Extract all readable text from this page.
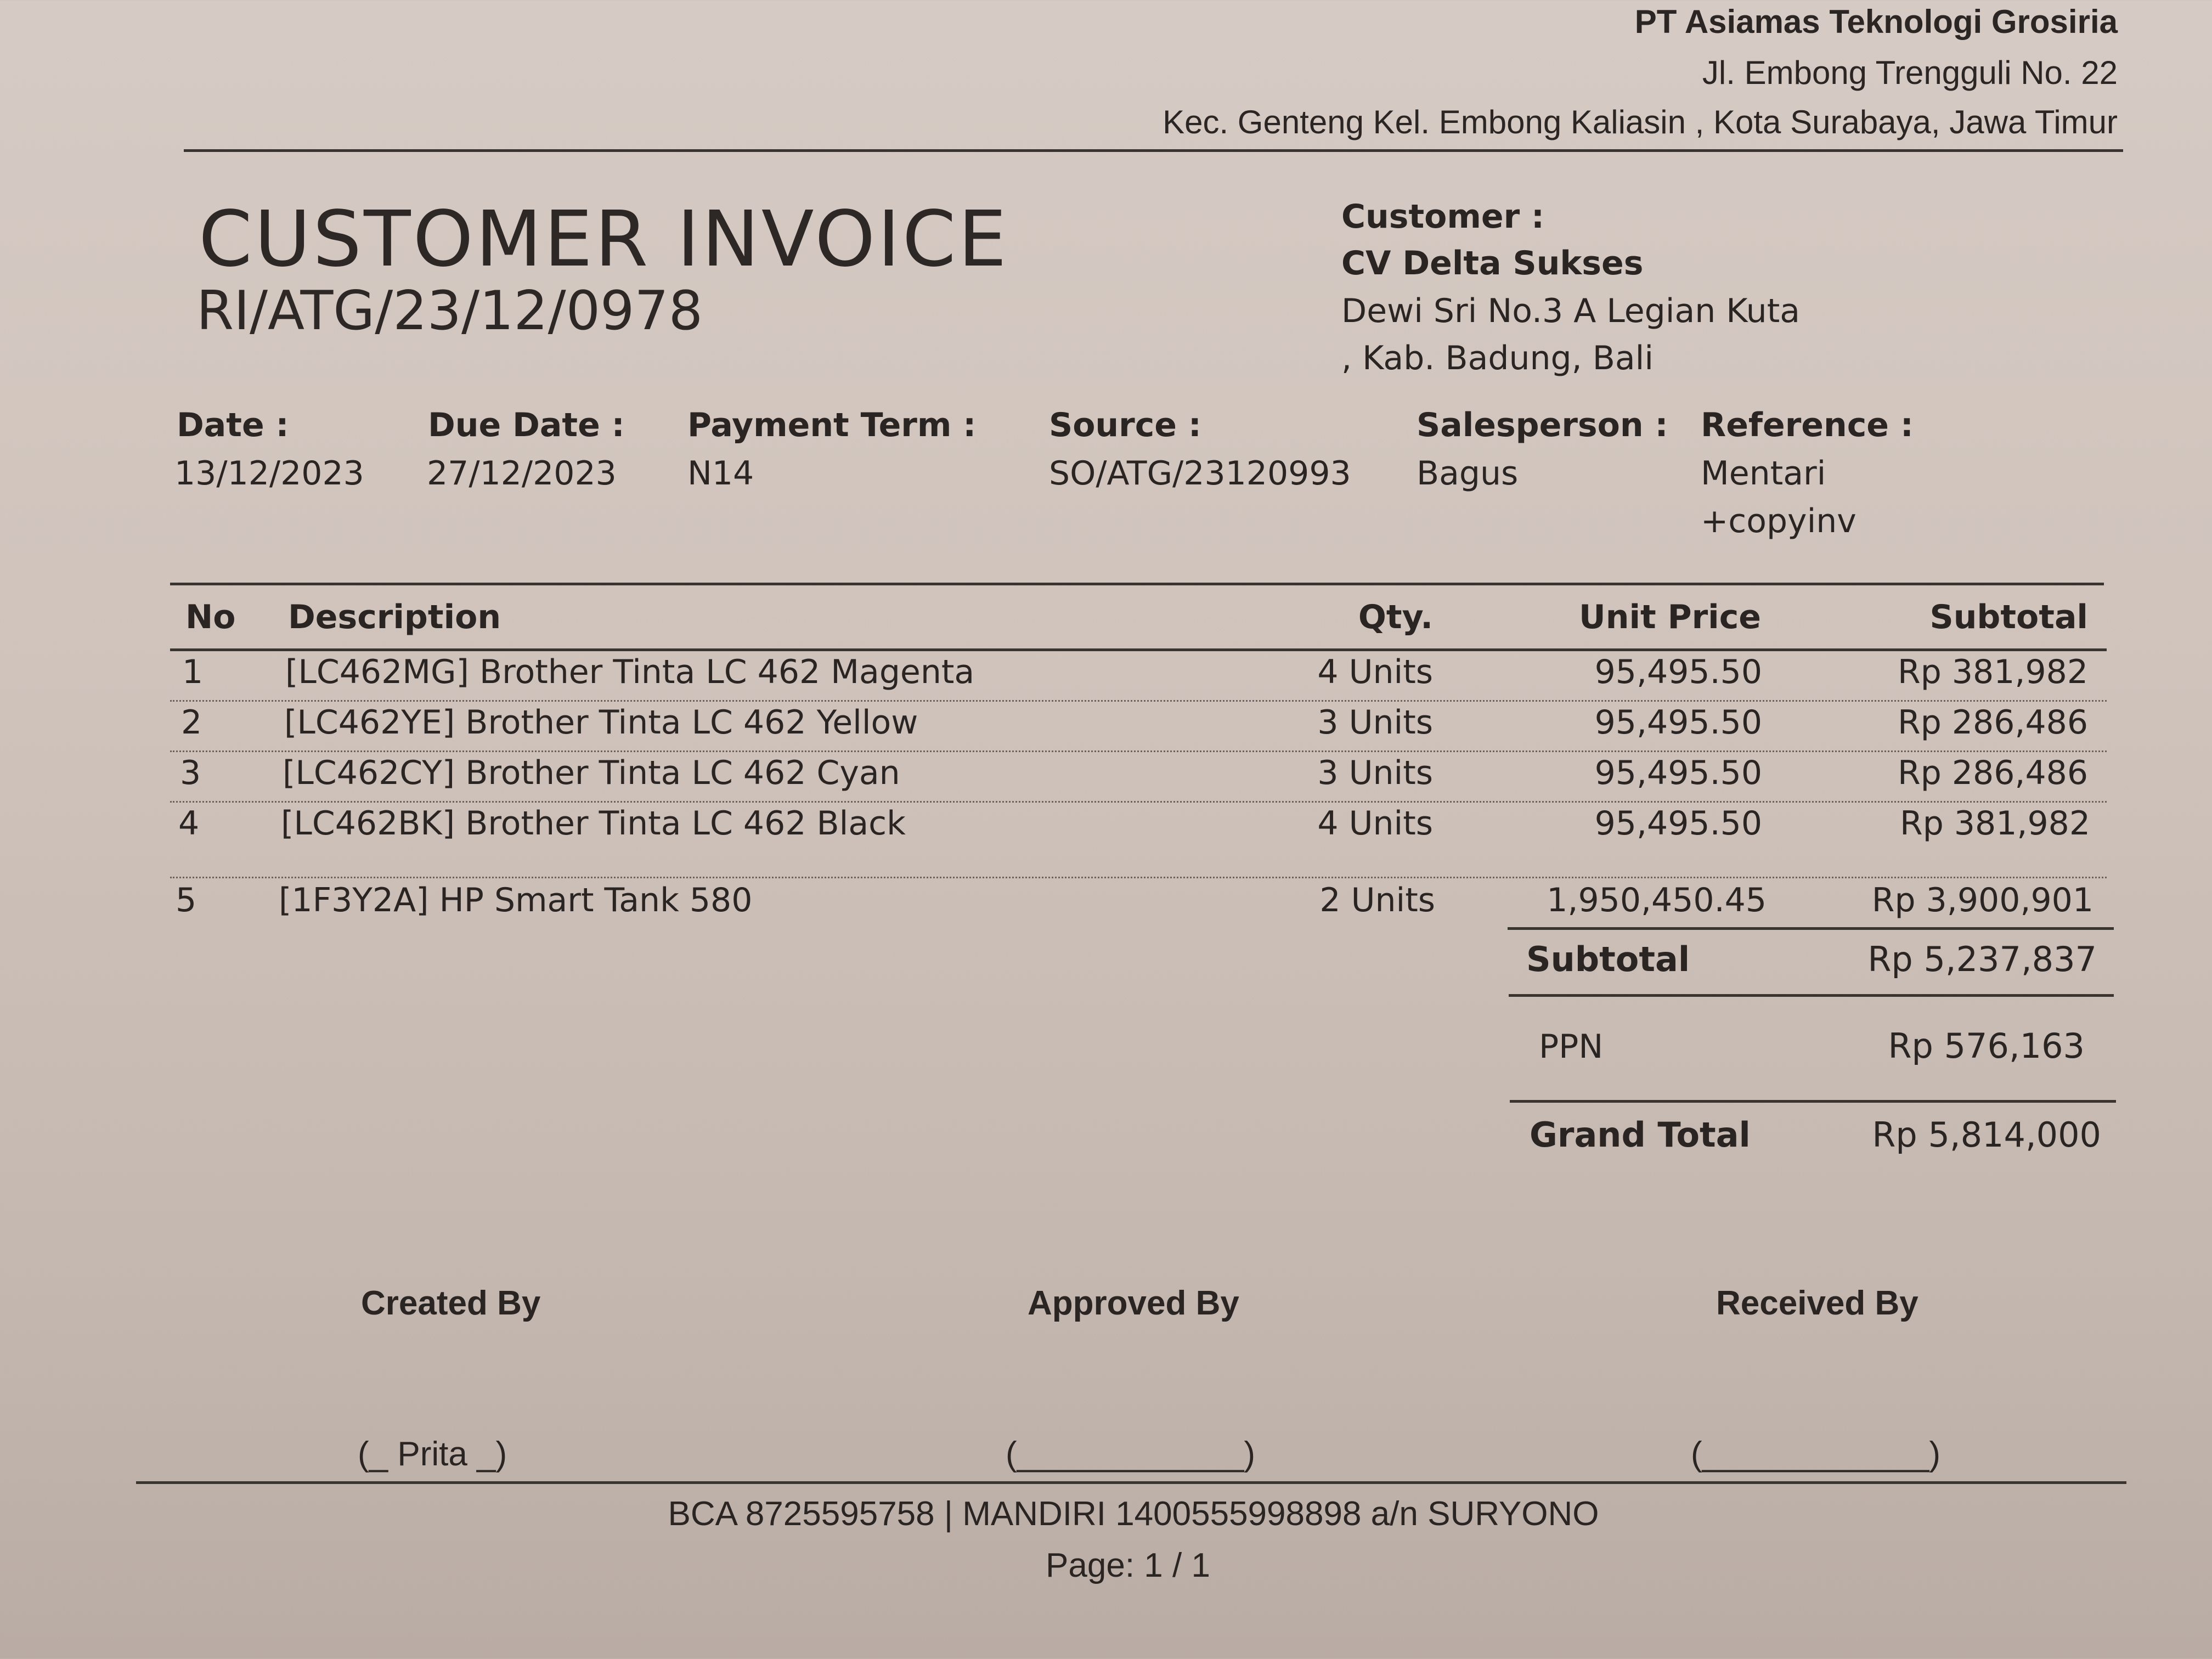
PT Asiamas Teknologi Grosiria
Jl. Embong Trengguli No. 22
Kec. Genteng Kel. Embong Kaliasin , Kota Surabaya, Jawa Timur
CUSTOMER INVOICE
RI/ATG/23/12/0978
Customer :
CV Delta Sukses
Dewi Sri No.3 A Legian Kuta
, Kab. Badung, Bali
Date :
13/12/2023
Due Date :
27/12/2023
Payment Term :
N14
Source :
SO/ATG/23120993
Salesperson :
Bagus
Reference :
Mentari
+copyinv
No Description	Qty.	Unit Price	Subtotal
1 [LC462MG] Brother Tinta LC 462 Magenta	4 Units	95,495.50	Rp 381,982
2 [LC462YE] Brother Tinta LC 462 Yellow	3 Units	95,495.50	Rp 286,486
3 [LC462CY] Brother Tinta LC 462 Cyan	3 Units	95,495.50	Rp 286,486
4 [LC462BK] Brother Tinta LC 462 Black	4 Units	95,495.50	Rp 381,982
5 [1F3Y2A] HP Smart Tank 580	2 Units	1,950,450.45	Rp 3,900,901
Subtotal	Rp 5,237,837
PPN	Rp 576,163
Grand Total	Rp 5,814,000
Created By	Approved By	Received By
(_ Prita _)	(____________)	(____________)
BCA 8725595758 | MANDIRI 1400555998898 a/n SURYONO
Page: 1 / 1
